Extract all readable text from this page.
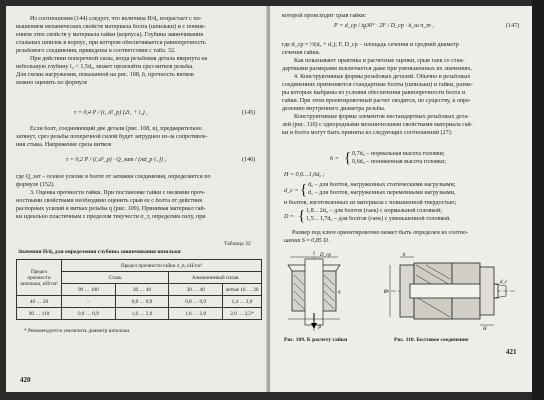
Из соотношения (144) следует, что величина H/d₀ возрастает с по-
вышением механических свойств материала болта (шпильки) и с пониж-
ением этих свойств у материала гайки (корпуса). Глубина завинчивания
стальных шпилек в корпус, при котором обеспечивается равнопрочность
резьбового соединения, приведены в соответствии с табл. 32.
При действии поперечной силы, когда резьбовая деталь ввернута на
небольшую глубину l₂ < 1,5d₀, может произойти срез витков резьбы.
Для схемы нагружения, показанной на рис. 108, б, прочность витков
можно оценить по формуле
Если болт, соединяющий две детали (рис. 108, в), предварительно
затянут, срез резьбы поперечной силой будет затруднен из-за сопротивле-
ния стыка. Напряжение среза витков
где Q_зат – осевое усилие в болте от затяжки соединения, определяется по
формуле (152).
3. Оценка прочности гайки. При постановке гайки с низкими проч-
ностными свойствами необходимо оценить срыв ее с болта от действия
распорных усилий в витках резьбы q (рис. 109). Принимая материал гай-
ки идеально пластичным с пределом текучести σ_т, определим силу, при
τ = 0,4 P / (l₁ d²_p) (2l₁ + l₂) ,	(145)
τ = 0,2 P / (l₁d²_p) · Q_зат / (πd_p l₂ f) ,	(146)
Таблица 32
Значения H/d₀ для определения глубины завинчивания шпильки
Предел прочности шпильки, кН/см²	Предел прочности гайки σ_в, кН/см²			
	Сталь		Алюминиевый сплав	
	90 … 100	30 … 40	30 … 40	литые 16 … 20
40 … 50	–	0,8 … 0,9	0,8 … 0,9	1,4 … 2,0
90 … 110	0,8 … 0,9	1,6 … 2,0	1,6 … 2,0	2,0 … 2,5*
* Рекомендуется увеличить диаметр шпильки.
420
которой происходит срыв гайки:
где d_ср = ½(d₀ + d₁); F, D_ср – площадь сечения и средний диаметр
сечения гайки.
Как показывают практика и расчетные оценки, срыв гаек со стан-
дартными размерами исключается даже при уменьшенных их значениях.
4. Конструктивные формы резьбовых деталей. Обычно в резьбовых
соединениях применяются стандартные болты (шпильки) и гайки, разме-
ры которых выбраны из условия обеспечения равнопрочности болта и
гайки. При этом проектировочный расчет сводится, по существу, к опре-
делению внутреннего диаметра резьбы.
Конструктивные формы элементов нестандартных резьбовых дета-
лей (рис. 110) с однородными механическими свойствами материала гай-
ки и болта могут быть приняты из следующих соотношений [27]:
P = d_ср / tg30° · 2F / D_ср · k_ш σ_т ,	(147)
h = { 0,7d₀ – нормальная высота головки;
0,6d₀ – пониженная высота головки;
H = 0,6…1,0d₀ ;
d_c = { d₀ – для болтов, нагруженных статическими нагрузками;
d₁ – для болтов, нагруженных переменными нагрузками,
и болтов, изготовленных из материала с повышенной твердостью;
D = { 1,8…2d₀ – для болтов (гаек) с нормальной головкой;
1,5…1,7d₀ – для болтов (гаек) с уменьшенной головкой.
Размер под ключ ориентировочно может быть определен из соотно-
шения S ≈ 0,85 D .
D_ср
P
q
h
H
d_c
D
Рис. 109. К расчету гайки	Рис. 110. Болтовое соединение
421
